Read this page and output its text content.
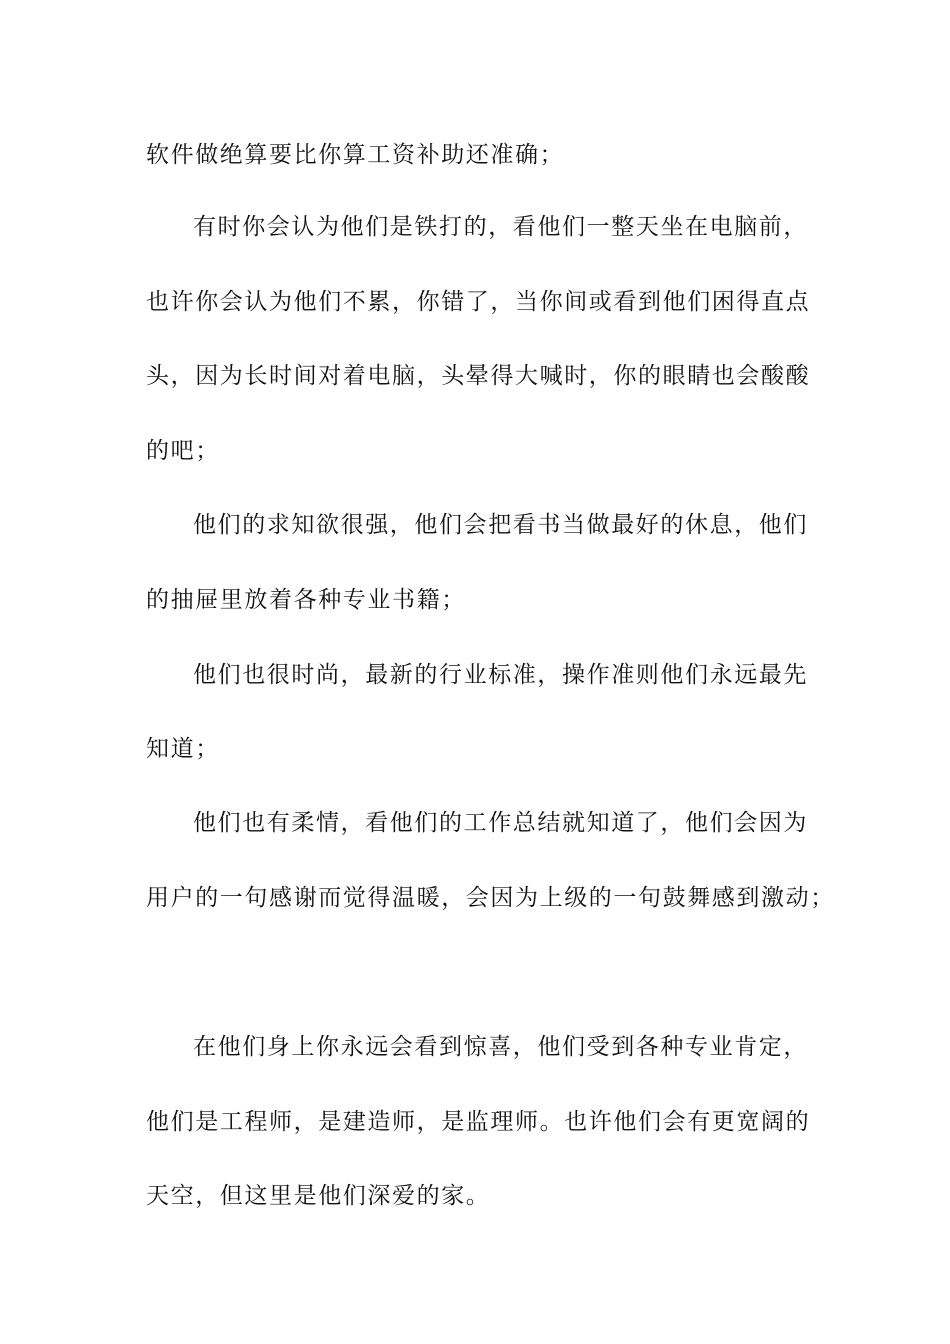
软件做绝算要比你算工资补助还准确；

有时你会认为他们是铁打的，看他们一整天坐在电脑前，

也许你会认为他们不累，你错了，当你间或看到他们困得直点

头，因为长时间对着电脑，头晕得大喊时，你的眼睛也会酸酸

的吧；

他们的求知欲很强，他们会把看书当做最好的休息，他们

的抽屉里放着各种专业书籍；

他们也很时尚，最新的行业标准，操作准则他们永远最先

知道；

他们也有柔情，看他们的工作总结就知道了，他们会因为

用户的一句感谢而觉得温暖，会因为上级的一句鼓舞感到激动；

在他们身上你永远会看到惊喜，他们受到各种专业肯定，

他们是工程师，是建造师，是监理师。也许他们会有更宽阔的

天空，但这里是他们深爱的家。
